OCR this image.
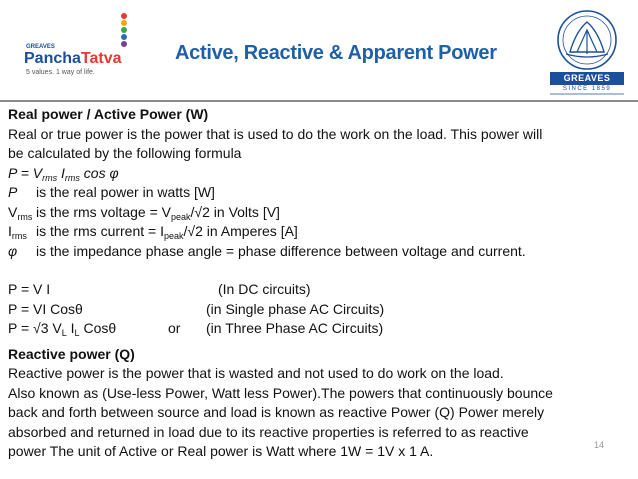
GREAVES
PanchaTatva
5 values. 1 way of life.
Active, Reactive & Apparent Power
GREAVES
SINCE 1859
Real power / Active Power (W)
Real or true power is the power that is used to do the work on the load. This power will
be calculated by the following formula
$P = V_{rms}$ $I_{rms}$ cos φ
P is the real power in watts [W]
$V_{rms}$ is the rms voltage = $V_{peak}/√2$ in Volts [V]
$I_{rms}$ is the rms current = $I_{peak}/√2$ in Amperes [A]
φ is the impedance phase angle = phase difference between voltage and current.
P = V I	(In DC circuits)
P = VI Cosθ	(in Single phase AC Circuits)
P = √3 $V_L$ $I_L$ Cosθ	or (in Three Phase AC Circuits)
Reactive power (Q)
Reactive power is the power that is wasted and not used to do work on the load.
Also known as (Use-less Power, Watt less Power).The powers that continuously bounce
back and forth between source and load is known as reactive Power (Q) Power merely
absorbed and returned in load due to its reactive properties is referred to as reactive
power The unit of Active or Real power is Watt where 1W = 1V x 1 A.	14
